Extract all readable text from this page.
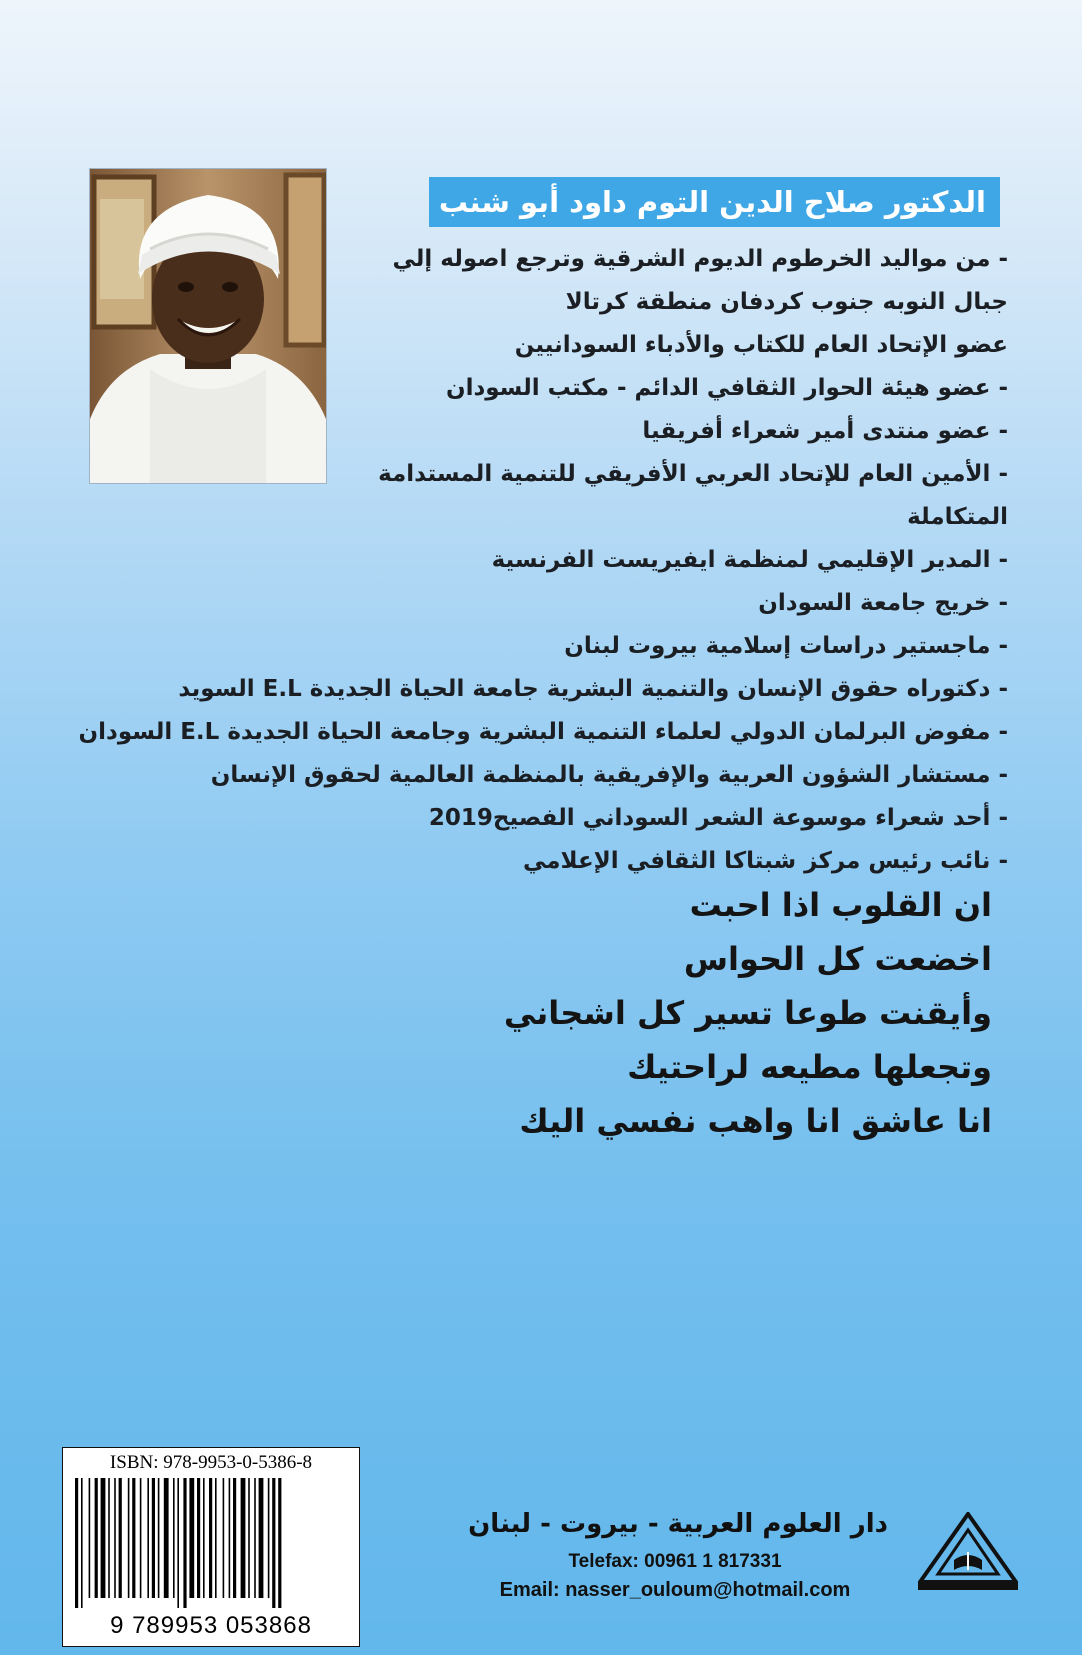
الدكتور صلاح الدين التوم داود أبو شنب
- من مواليد الخرطوم الديوم الشرقية وترجع اصوله إلي
جبال النوبه جنوب كردفان منطقة كرتالا
عضو الإتحاد العام للكتاب والأدباء السودانيين
- عضو هيئة الحوار الثقافي الدائم - مكتب السودان
- عضو منتدى أمير شعراء أفريقيا
- الأمين العام للإتحاد العربي الأفريقي للتنمية المستدامة المتكاملة
- المدير الإقليمي لمنظمة ايفيريست الفرنسية
- خريج جامعة السودان
- ماجستير دراسات إسلامية بيروت لبنان
- دكتوراه حقوق الإنسان والتنمية البشرية جامعة الحياة الجديدة E.L السويد
- مفوض البرلمان الدولي لعلماء التنمية البشرية وجامعة الحياة الجديدة E.L السودان
- مستشار الشؤون العربية والإفريقية بالمنظمة العالمية لحقوق الإنسان
- أحد شعراء موسوعة الشعر السوداني الفصيح2019
- نائب رئيس مركز شبتاكا الثقافي الإعلامي
ان القلوب اذا احبت
اخضعت كل الحواس
وأيقنت طوعا تسير كل اشجاني
وتجعلها مطيعه لراحتيك
انا عاشق انا واهب نفسي اليك
ISBN: 978-9953-0-5386-8
9 789953 053868
دار العلوم العربية - بيروت - لبنان
Telefax: 00961 1 817331
Email: nasser_ouloum@hotmail.com
